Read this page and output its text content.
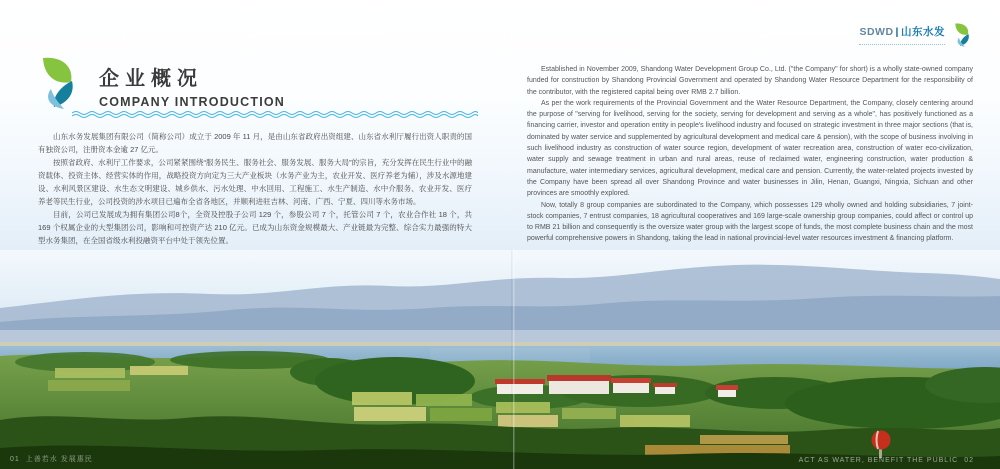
SDWD | 山东水发
企业概况
COMPANY INTRODUCTION

山东水务发展集团有限公司（简称公司）成立于 2009 年 11 月，是由山东省政府出资组建、山东省水利厅履行出资人职责的国有独资公司，注册资本金逾 27 亿元。

按照省政府、水利厅工作要求，公司紧紧围绕“服务民生、服务社会、服务发展、服务大局”的宗旨，充分发挥在民生行业中的融资载体、投资主体、经营实体的作用，战略投资方向定为三大产业板块（水务产业为主，农业开发、医疗养老为辅），涉及水源地建设、水利风景区建设、水生态文明建设、城乡供水、污水处理、中水回用、工程施工、水生产制造、水中介服务、农业开发、医疗养老等民生行业，公司投资的涉水项目已遍布全省各地区，并顺利进驻吉林、河南、广西、宁夏、四川等水务市场。

目前，公司已发展成为拥有集团公司8个，全资及控股子公司 129 个，参股公司 7 个，托管公司 7 个，农业合作社 18 个，共 169 个权属企业的大型集团公司，影响和可控资产达 210 亿元。已成为山东资金规模最大、产业链最为完整、综合实力最强的特大型水务集团，在全国省级水利投融资平台中处于领先位置。

Established in November 2009, Shandong Water Development Group Co., Ltd. ("the Company" for short) is a wholly state-owned company funded for construction by Shandong Provincial Government and operated by Shandong Water Resource Department for the responsibility of the contributor, with the registered capital being over RMB 2.7 billion.

As per the work requirements of the Provincial Government and the Water Resource Department, the Company, closely centering around the purpose of "serving for livelihood, serving for the society, serving for development and serving as a whole", has positively functioned as a financing carrier, investor and operation entity in people's livelihood industry and focused on strategic investment in three major sections (that is, dominated by water service and supplemented by agricultural development and medical care & pension), with the scope of business involving in such livelihood industry as construction of water source region, development of water recreation area, construction of water eco-civilization, water supply and sewage treatment in urban and rural areas, reuse of reclaimed water, engineering construction, water production & manufacture, water intermediary services, agricultural development, medical care and pension. Currently, the water-related projects invested by the Company have been spread all over Shandong Province and water businesses in Jilin, Henan, Guangxi, Ningxia, Sichuan and other provinces are smoothly explored.

Now, totally 8 group companies are subordinated to the Company, which possesses 129 wholly owned and holding subsidiaries, 7 joint-stock companies, 7 entrust companies, 18 agricultural cooperatives and 169 large-scale ownership group companies, could affect or control up to RMB 21 billion and consequently is the oversize water group with the largest scope of funds, the most complete business chain and the most powerful comprehensive powers in Shandong, taking the lead in national provincial-level water resources investment & financing platform.

01 上善若水 发展惠民	ACT AS WATER, BENEFIT THE PUBLIC 02
